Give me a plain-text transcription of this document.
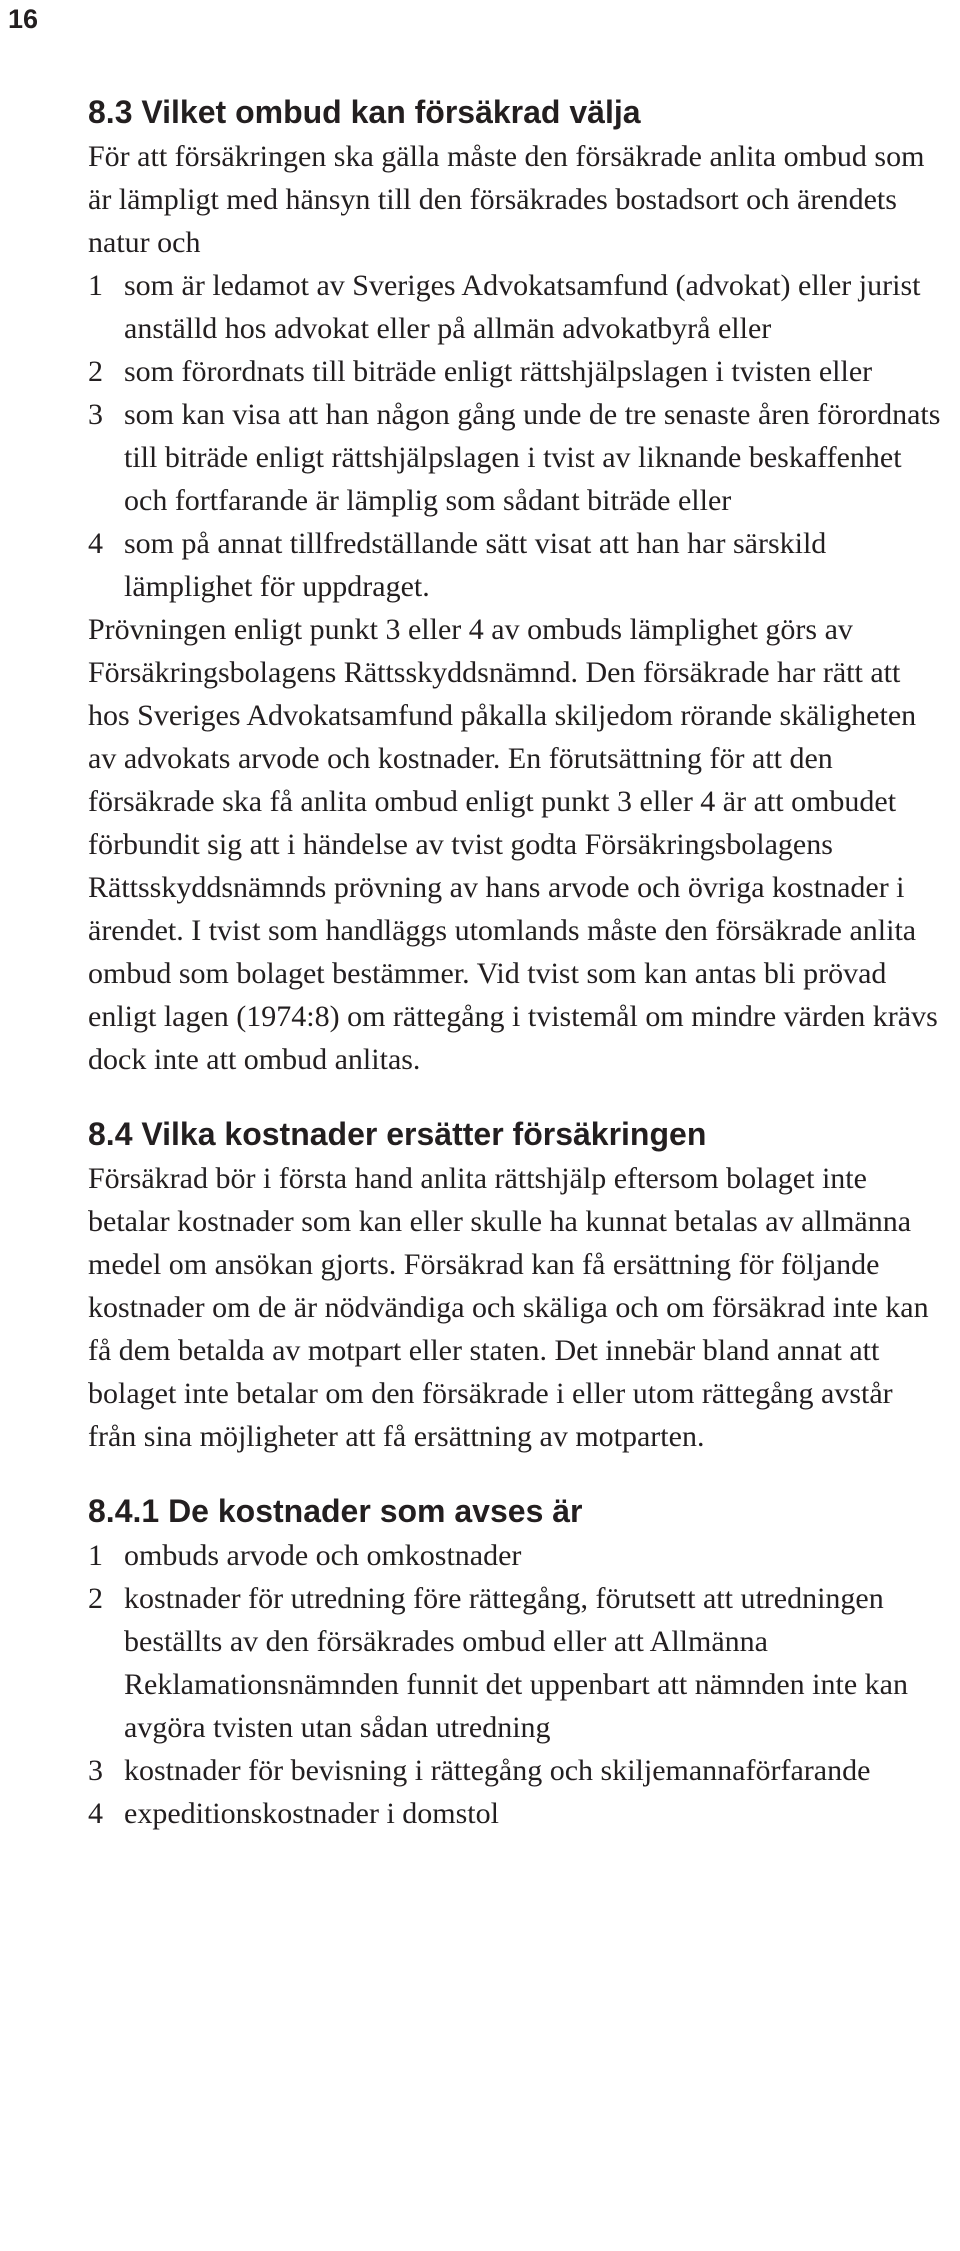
16
8.3 Vilket ombud kan försäkrad välja

För att försäkringen ska gälla måste den försäkrade anlita ombud som är lämpligt med hänsyn till den försäkrades bostadsort och ärendets natur och

1 som är ledamot av Sveriges Advokatsamfund (advokat) eller jurist anställd hos advokat eller på allmän advokatbyrå eller
2 som förordnats till biträde enligt rättshjälpslagen i tvisten eller
3 som kan visa att han någon gång unde de tre senaste åren förordnats till biträde enligt rättshjälpslagen i tvist av liknande beskaffenhet och fortfarande är lämplig som sådant biträde eller
4 som på annat tillfredställande sätt visat att han har särskild lämplighet för uppdraget.

Prövningen enligt punkt 3 eller 4 av ombuds lämplighet görs av Försäkringsbolagens Rättsskyddsnämnd. Den försäkrade har rätt att hos Sveriges Advokatsamfund påkalla skiljedom rörande skäligheten av advokats arvode och kostnader. En förutsättning för att den försäkrade ska få anlita ombud enligt punkt 3 eller 4 är att ombudet förbundit sig att i händelse av tvist godta Försäkringsbolagens Rättsskyddsnämnds prövning av hans arvode och övriga kostnader i ärendet. I tvist som handläggs utomlands måste den försäkrade anlita ombud som bolaget bestämmer. Vid tvist som kan antas bli prövad enligt lagen (1974:8) om rättegång i tvistemål om mindre värden krävs dock inte att ombud anlitas.

8.4 Vilka kostnader ersätter försäkringen

Försäkrad bör i första hand anlita rättshjälp eftersom bolaget inte betalar kostnader som kan eller skulle ha kunnat betalas av allmänna medel om ansökan gjorts. Försäkrad kan få ersättning för följande kostnader om de är nödvändiga och skäliga och om försäkrad inte kan få dem betalda av motpart eller staten. Det innebär bland annat att bolaget inte betalar om den försäkrade i eller utom rättegång avstår från sina möjligheter att få ersättning av motparten.

8.4.1 De kostnader som avses är
1 ombuds arvode och omkostnader
2 kostnader för utredning före rättegång, förutsett att utredningen beställts av den försäkrades ombud eller att Allmänna Reklamationsnämnden funnit det uppenbart att nämnden inte kan avgöra tvisten utan sådan utredning
3 kostnader för bevisning i rättegång och skiljemannaförfarande
4 expeditionskostnader i domstol
